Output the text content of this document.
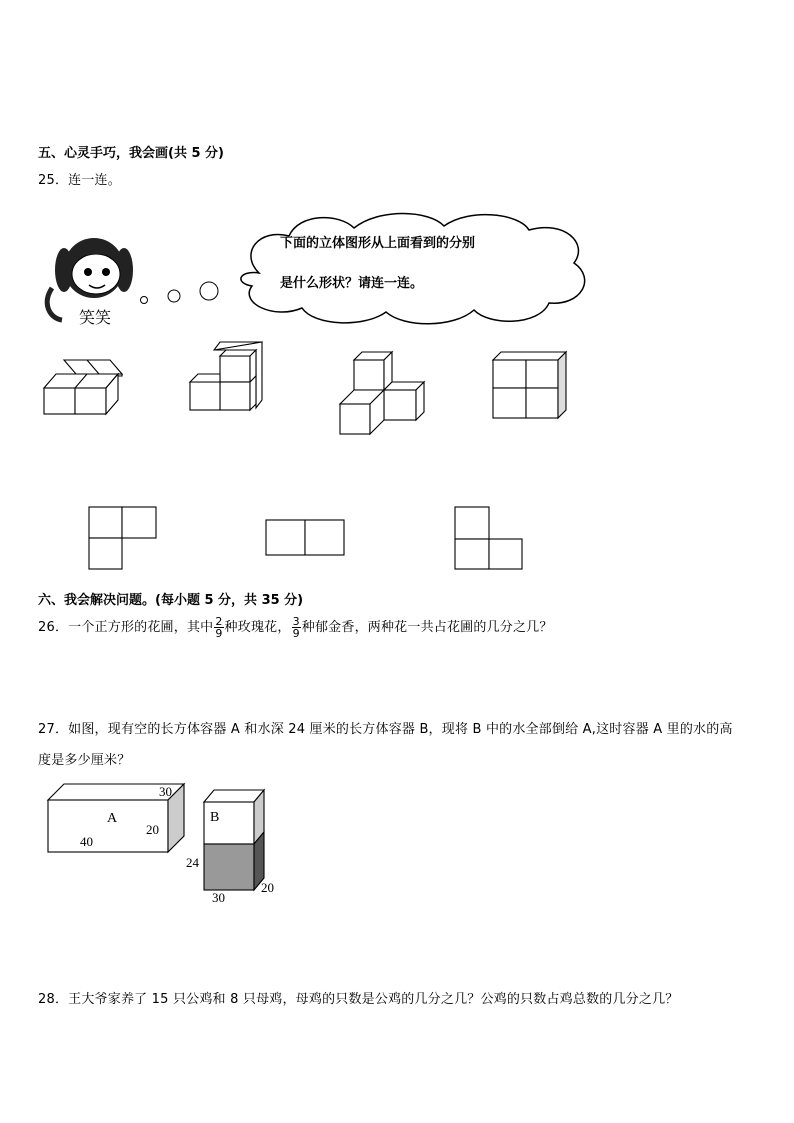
五、心灵手巧，我会画(共 5 分)
25．连一连。
下面的立体图形从上面看到的分别
是什么形状？请连一连。
笑笑
六、我会解决问题。(每小题 5 分，共 35 分)
26．一个正方形的花圃，其中 $\frac{2}{9}$ 种玫瑰花， $\frac{3}{9}$ 种郁金香，两种花一共占花圃的几分之几？
27．如图，现有空的长方体容器 A 和水深 24 厘米的长方体容器 B，现将 B 中的水全部倒给 A,这时容器 A 里的水的高
度是多少厘米？
A
30
20
40
B
24
20
30
28．王大爷家养了 15 只公鸡和 8 只母鸡，母鸡的只数是公鸡的几分之几？公鸡的只数占鸡总数的几分之几？
